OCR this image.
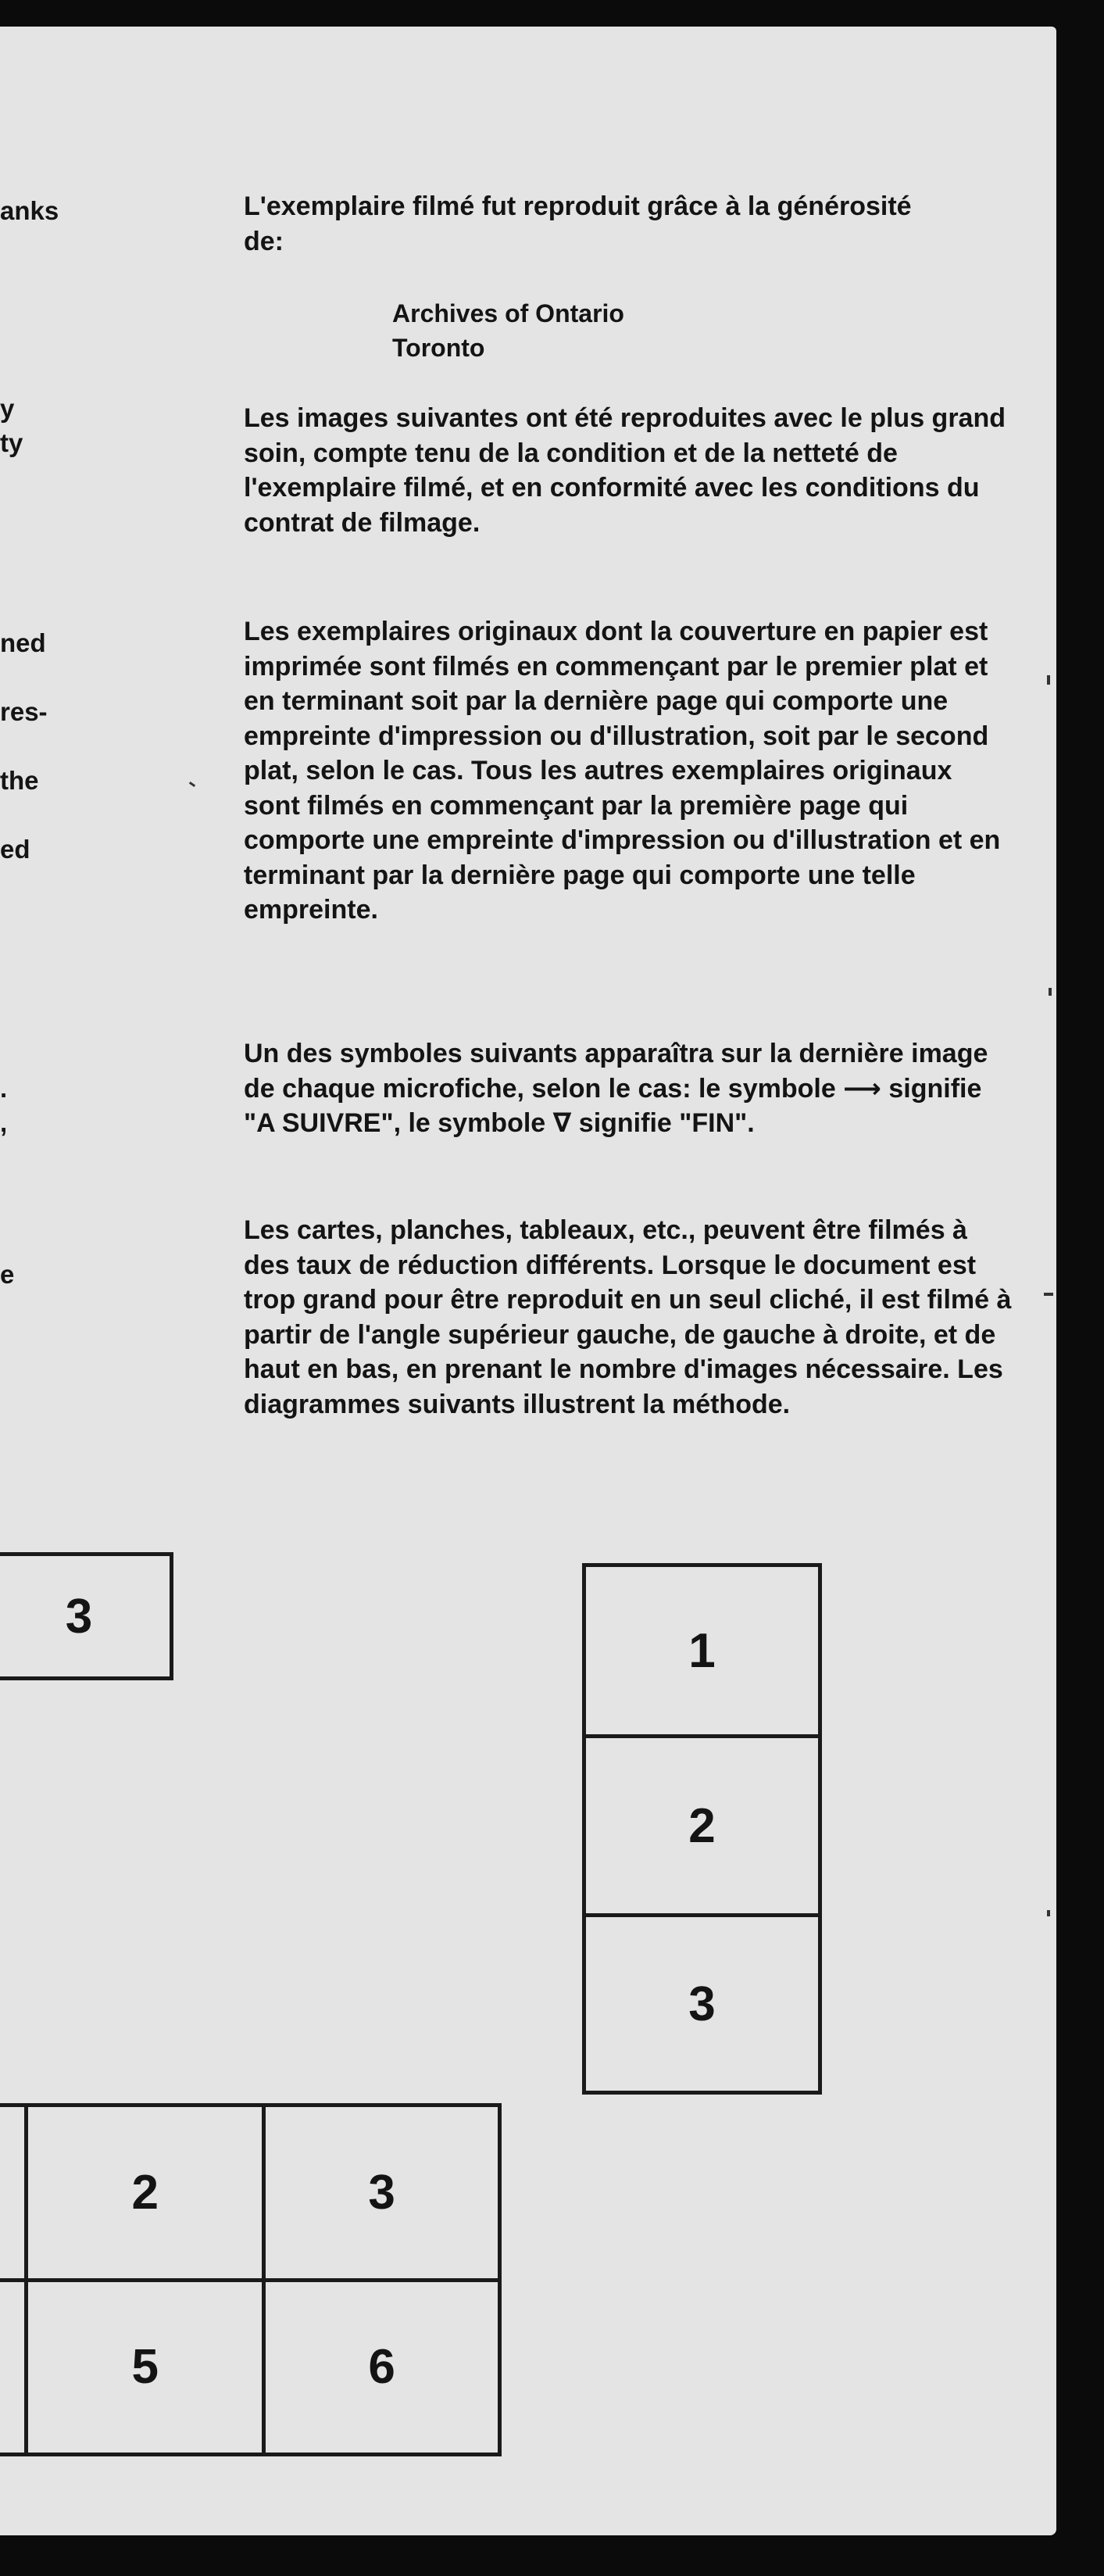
anks
y
ty
ned
res-
the
ed
.
,
e

L'exemplaire filmé fut reproduit grâce à la générosité de:

Archives of Ontario
Toronto

Les images suivantes ont été reproduites avec le plus grand soin, compte tenu de la condition et de la netteté de l'exemplaire filmé, et en conformité avec les conditions du contrat de filmage.

Les exemplaires originaux dont la couverture en papier est imprimée sont filmés en commençant par le premier plat et en terminant soit par la dernière page qui comporte une empreinte d'impression ou d'illustration, soit par le second plat, selon le cas. Tous les autres exemplaires originaux sont filmés en commençant par la première page qui comporte une empreinte d'impression ou d'illustration et en terminant par la dernière page qui comporte une telle empreinte.

Un des symboles suivants apparaîtra sur la dernière image de chaque microfiche, selon le cas: le symbole ⟶ signifie "A SUIVRE", le symbole ∇ signifie "FIN".

Les cartes, planches, tableaux, etc., peuvent être filmés à des taux de réduction différents. Lorsque le document est trop grand pour être reproduit en un seul cliché, il est filmé à partir de l'angle supérieur gauche, de gauche à droite, et de haut en bas, en prenant le nombre d'images nécessaire. Les diagrammes suivants illustrent la méthode.

3
1
2
3
	2	3
	5	6
